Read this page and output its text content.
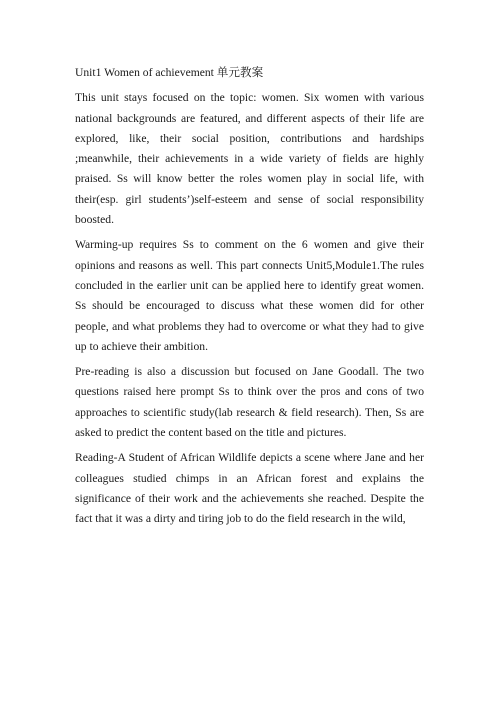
Unit1 Women of achievement 单元教案

This unit stays focused on the topic: women. Six women with various national backgrounds are featured, and different aspects of their life are explored, like, their social position, contributions and hardships ;meanwhile, their achievements in a wide variety of fields are highly praised. Ss will know better the roles women play in social life, with their(esp. girl students’)self-esteem and sense of social responsibility boosted.

Warming-up requires Ss to comment on the 6 women and give their opinions and reasons as well. This part connects Unit5,Module1.The rules concluded in the earlier unit can be applied here to identify great women. Ss should be encouraged to discuss what these women did for other people, and what problems they had to overcome or what they had to give up to achieve their ambition.

Pre-reading is also a discussion but focused on Jane Goodall. The two questions raised here prompt Ss to think over the pros and cons of two approaches to scientific study(lab research & field research). Then, Ss are asked to predict the content based on the title and pictures.

Reading-A Student of African Wildlife depicts a scene where Jane and her colleagues studied chimps in an African forest and explains the significance of their work and the achievements she reached. Despite the fact that it was a dirty and tiring job to do the field research in the wild,
